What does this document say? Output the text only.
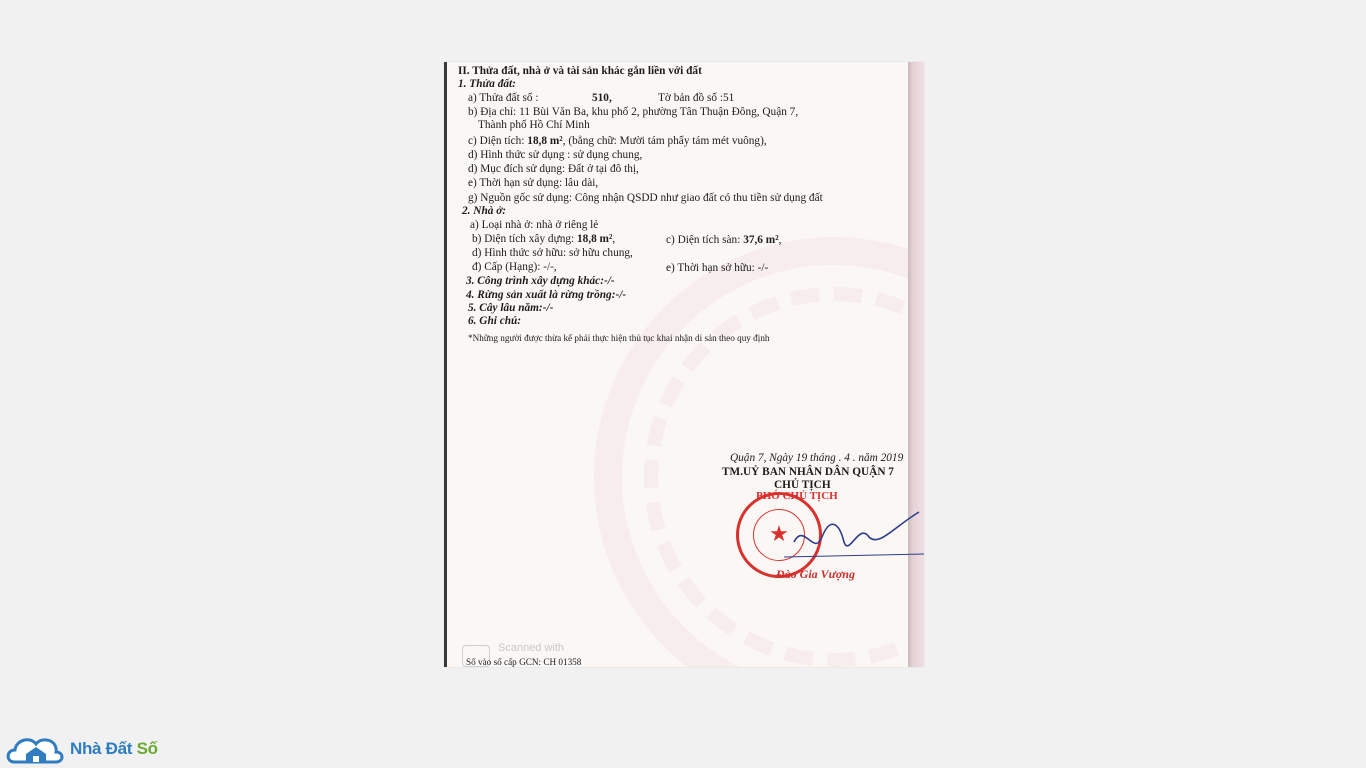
II. Thửa đất, nhà ở và tài sản khác gắn liền với đất
1. Thửa đất:
a) Thửa đất số :	510,	Tờ bản đồ số :51
b) Địa chỉ: 11 Bùi Văn Ba, khu phố 2, phường Tân Thuận Đông, Quận 7,
Thành phố Hồ Chí Minh
c) Diện tích: 18,8 m², (bằng chữ: Mười tám phẩy tám mét vuông),
d) Hình thức sử dụng : sử dụng chung,
d) Mục đích sử dụng: Đất ở tại đô thị,
e) Thời hạn sử dụng: lâu dài,
g) Nguồn gốc sử dụng: Công nhận QSDD như giao đất có thu tiền sử dụng đất
2. Nhà ở:
a) Loại nhà ở: nhà ở riêng lẻ
b) Diện tích xây dựng: 18,8 m²,	c) Diện tích sàn: 37,6 m²,
d) Hình thức sở hữu: sở hữu chung,
đ) Cấp (Hạng): -/-,	e) Thời hạn sở hữu: -/-
3. Công trình xây dựng khác:-/-
4. Rừng sản xuất là rừng trồng:-/-
5. Cây lâu năm:-/-
6. Ghi chú:
*Những người được thừa kế phải thực hiện thủ tục khai nhận di sản theo quy định
Quận 7, Ngày 19 tháng . 4 . năm 2019
TM.UỶ BAN NHÂN DÂN QUẬN 7
CHỦ TỊCH
★
PHÓ CHỦ TỊCH
Đào Gia Vượng
Scanned with
Số vào sổ cấp GCN: CH 01358
Nhà Đất Số
